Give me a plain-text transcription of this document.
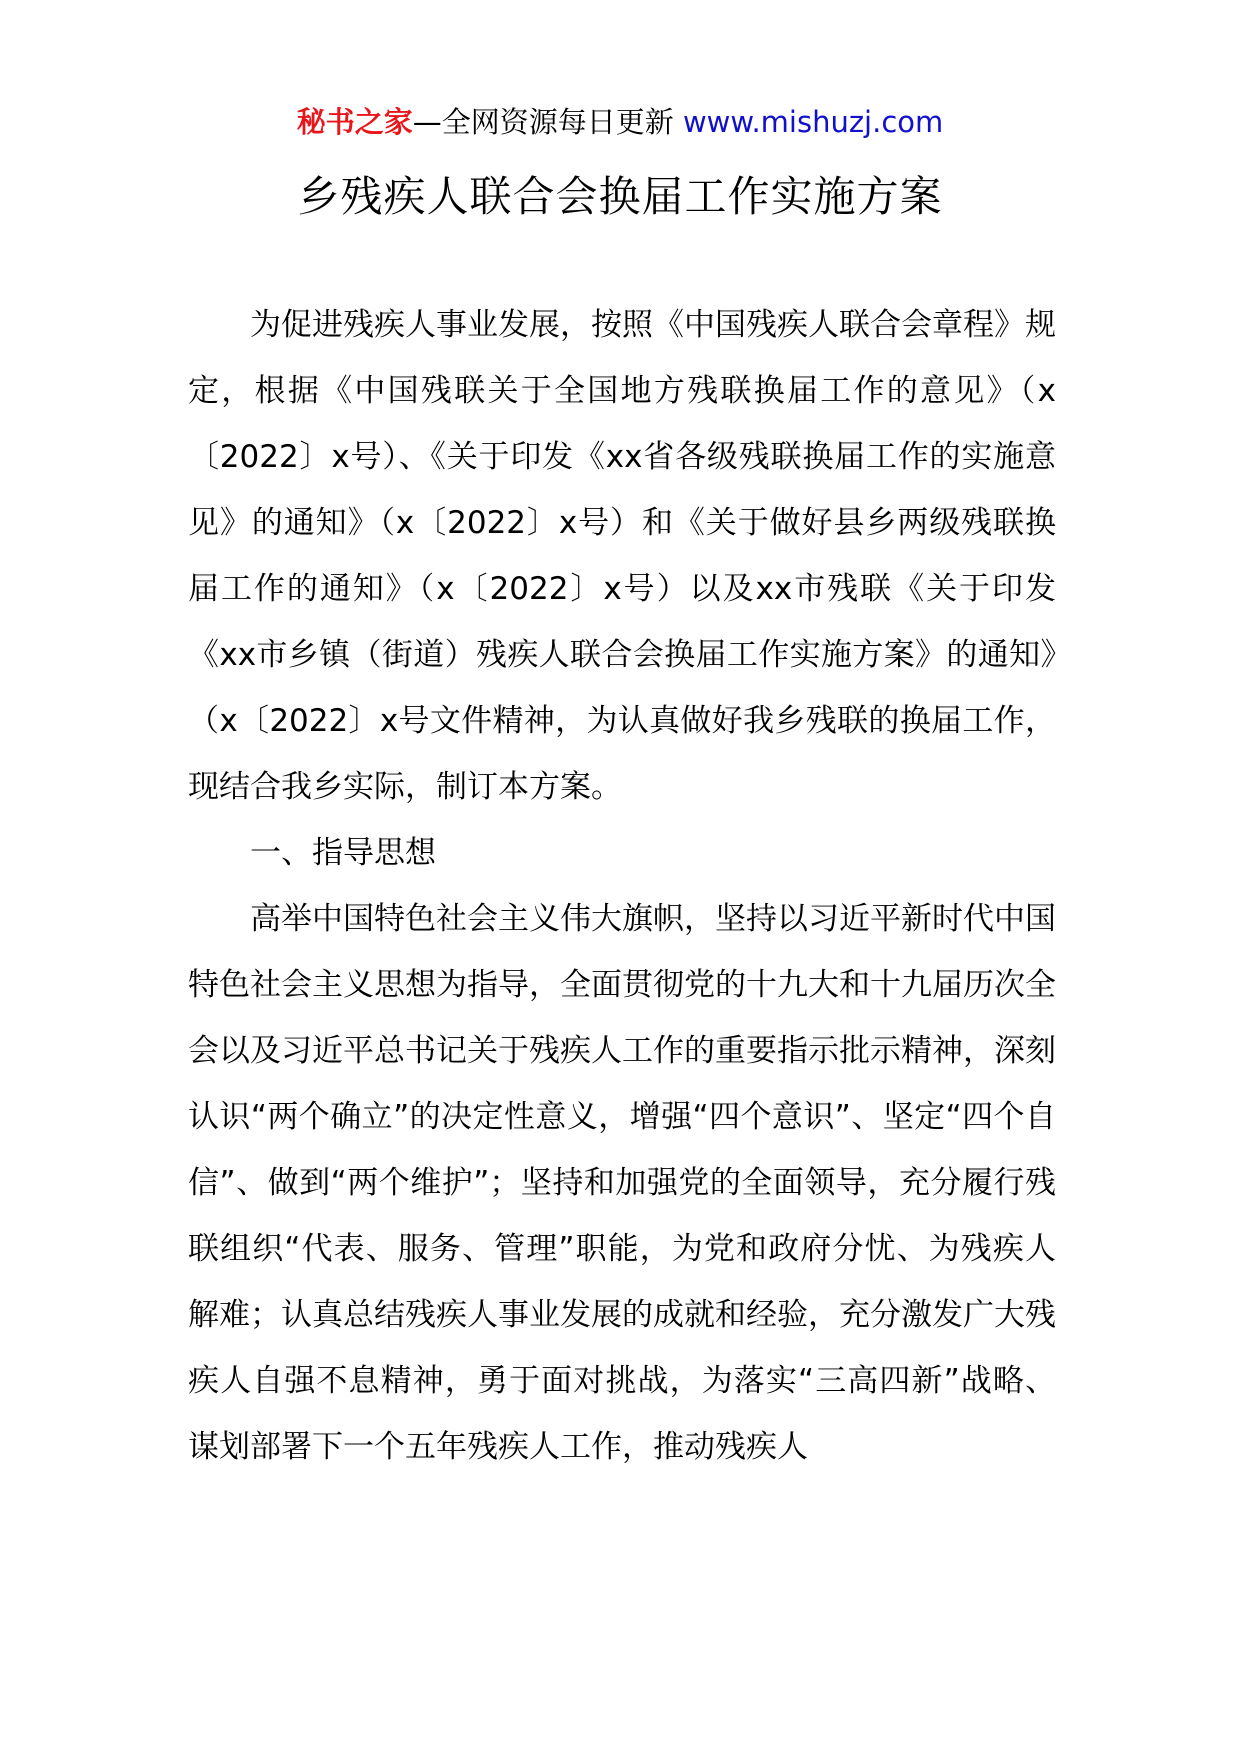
秘书之家—全网资源每日更新 www.mishuzj.com
乡残疾人联合会换届工作实施方案

为促进残疾人事业发展，按照《中国残疾人联合会章程》规定，根据《中国残联关于全国地方残联换届工作的意见》（x〔2022〕x号）、《关于印发《xx省各级残联换届工作的实施意见》的通知》（x〔2022〕x号）和《关于做好县乡两级残联换届工作的通知》（x〔2022〕x号）以及xx市残联《关于印发《xx市乡镇（街道）残疾人联合会换届工作实施方案》的通知》（x〔2022〕x号文件精神，为认真做好我乡残联的换届工作，现结合我乡实际，制订本方案。

一、指导思想

高举中国特色社会主义伟大旗帜，坚持以习近平新时代中国特色社会主义思想为指导，全面贯彻党的十九大和十九届历次全会以及习近平总书记关于残疾人工作的重要指示批示精神，深刻认识“两个确立”的决定性意义，增强“四个意识”、坚定“四个自信”、做到“两个维护”；坚持和加强党的全面领导，充分履行残联组织“代表、服务、管理”职能，为党和政府分忧、为残疾人解难；认真总结残疾人事业发展的成就和经验，充分激发广大残疾人自强不息精神，勇于面对挑战，为落实“三高四新”战略、谋划部署下一个五年残疾人工作，推动残疾人
